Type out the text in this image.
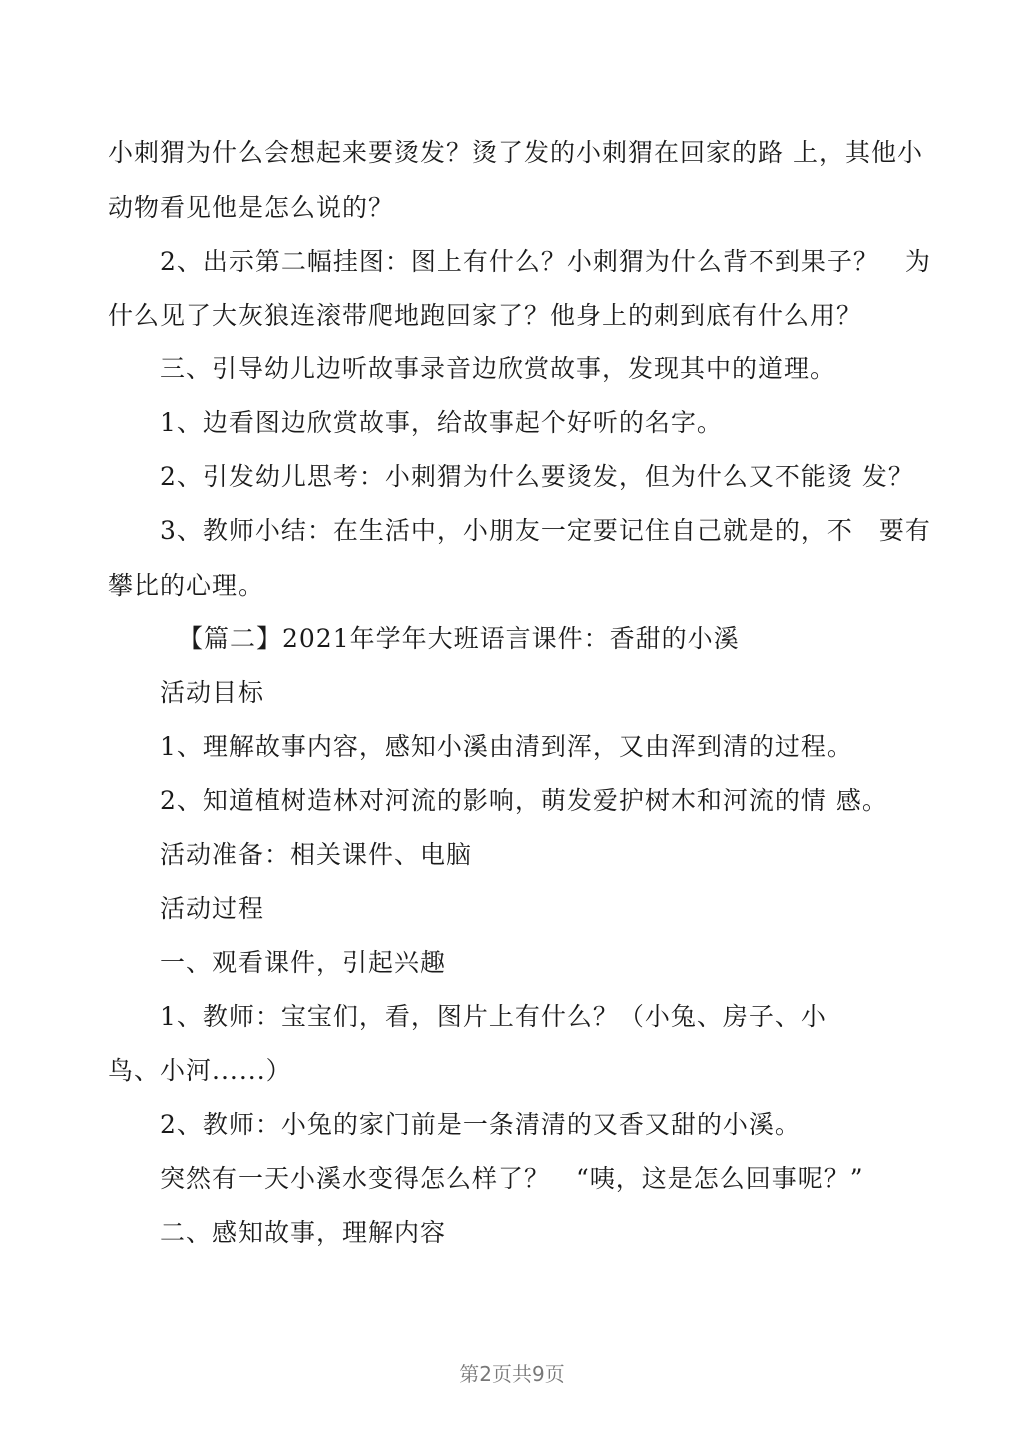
小刺猬为什么会想起来要烫发？烫了发的小刺猬在回家的路 上，其他小
动物看见他是怎么说的？
2、出示第二幅挂图：图上有什么？小刺猬为什么背不到果子？　为
什么见了大灰狼连滚带爬地跑回家了？他身上的刺到底有什么用？
三、引导幼儿边听故事录音边欣赏故事，发现其中的道理。
1、边看图边欣赏故事，给故事起个好听的名字。
2、引发幼儿思考：小刺猬为什么要烫发，但为什么又不能烫 发？
3、教师小结：在生活中，小朋友一定要记住自己就是的，不　要有
攀比的心理。
【篇二】2021年学年大班语言课件：香甜的小溪
活动目标
1、理解故事内容，感知小溪由清到浑，又由浑到清的过程。
2、知道植树造林对河流的影响，萌发爱护树木和河流的情 感。
活动准备：相关课件、电脑
活动过程
一、观看课件，引起兴趣
1、教师：宝宝们，看，图片上有什么？（小兔、房子、小
鸟、小河......）
2、教师：小兔的家门前是一条清清的又香又甜的小溪。
突然有一天小溪水变得怎么样了？　“咦，这是怎么回事呢？”
二、感知故事，理解内容
第2页共9页
